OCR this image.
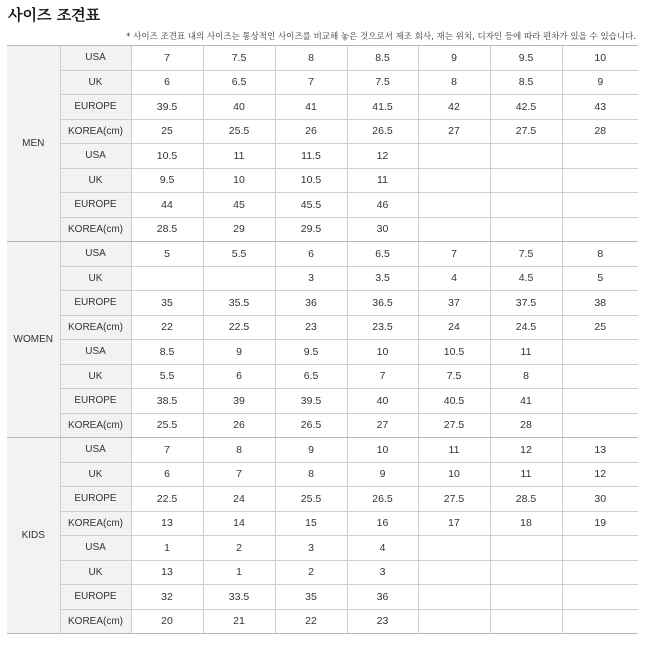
사이즈 조견표
* 사이즈 조견표 내의 사이즈는 통상적인 사이즈를 비교해 놓은 것으로서 제조 회사, 재는 위치, 디자인 등에 따라 편차가 있을 수 있습니다.
MEN	USA	7	7.5	8	8.5	9	9.5	10
	UK	6	6.5	7	7.5	8	8.5	9
	EUROPE	39.5	40	41	41.5	42	42.5	43
	KOREA(cm)	25	25.5	26	26.5	27	27.5	28
	USA	10.5	11	11.5	12			
	UK	9.5	10	10.5	11			
	EUROPE	44	45	45.5	46			
	KOREA(cm)	28.5	29	29.5	30			
WOMEN	USA	5	5.5	6	6.5	7	7.5	8
	UK			3	3.5	4	4.5	5
	EUROPE	35	35.5	36	36.5	37	37.5	38
	KOREA(cm)	22	22.5	23	23.5	24	24.5	25
	USA	8.5	9	9.5	10	10.5	11	
	UK	5.5	6	6.5	7	7.5	8	
	EUROPE	38.5	39	39.5	40	40.5	41	
	KOREA(cm)	25.5	26	26.5	27	27.5	28	
KIDS	USA	7	8	9	10	11	12	13
	UK	6	7	8	9	10	11	12
	EUROPE	22.5	24	25.5	26.5	27.5	28.5	30
	KOREA(cm)	13	14	15	16	17	18	19
	USA	1	2	3	4			
	UK	13	1	2	3			
	EUROPE	32	33.5	35	36			
	KOREA(cm)	20	21	22	23			
